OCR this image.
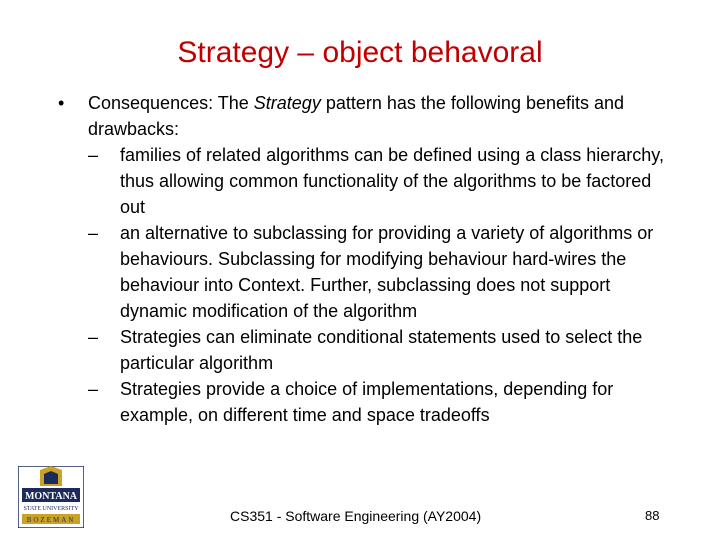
Strategy – object behavoral
• Consequences: The Strategy pattern has the following benefits and drawbacks:
– families of related algorithms can be defined using a class hierarchy, thus allowing common functionality of the algorithms to be factored out
– an alternative to subclassing for providing a variety of algorithms or behaviours. Subclassing for modifying behaviour hard-wires the behaviour into Context. Further, subclassing does not support dynamic modification of the algorithm
– Strategies can eliminate conditional statements used to select the particular algorithm
– Strategies provide a choice of implementations, depending for example, on different time and space tradeoffs
MONTANA
STATE UNIVERSITY
BOZEMAN	CS351 - Software Engineering (AY2004)	88
